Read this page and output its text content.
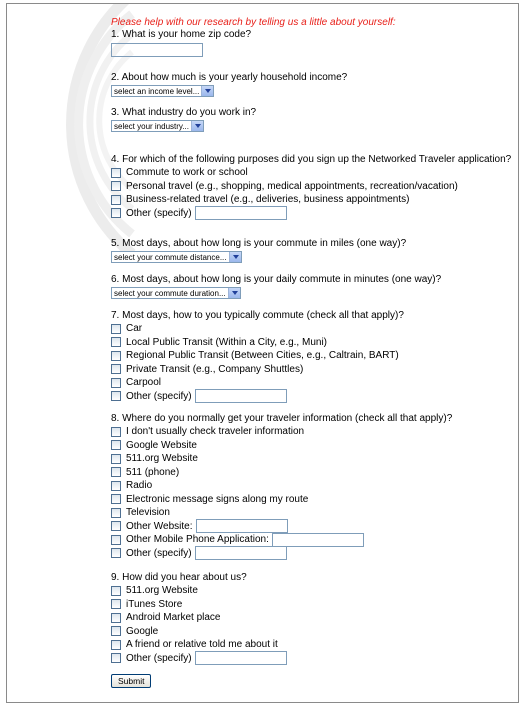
Please help with our research by telling us a little about yourself:
1. What is your home zip code?
2. About how much is your yearly household income?
select an income level...
3. What industry do you work in?
select your industry...
4. For which of the following purposes did you sign up the Networked Traveler application?
Commute to work or school
Personal travel (e.g., shopping, medical appointments, recreation/vacation)
Business-related travel (e.g., deliveries, business appointments)
Other (specify)
5. Most days, about how long is your commute in miles (one way)?
select your commute distance...
6. Most days, about how long is your daily commute in minutes (one way)?
select your commute duration...
7. Most days, how to you typically commute (check all that apply)?
Car
Local Public Transit (Within a City, e.g., Muni)
Regional Public Transit (Between Cities, e.g., Caltrain, BART)
Private Transit (e.g., Company Shuttles)
Carpool
Other (specify)
8. Where do you normally get your traveler information (check all that apply)?
I don't usually check traveler information
Google Website
511.org Website
511 (phone)
Radio
Electronic message signs along my route
Television
Other Website:
Other Mobile Phone Application:
Other (specify)
9. How did you hear about us?
511.org Website
iTunes Store
Android Market place
Google
A friend or relative told me about it
Other (specify)
Submit
